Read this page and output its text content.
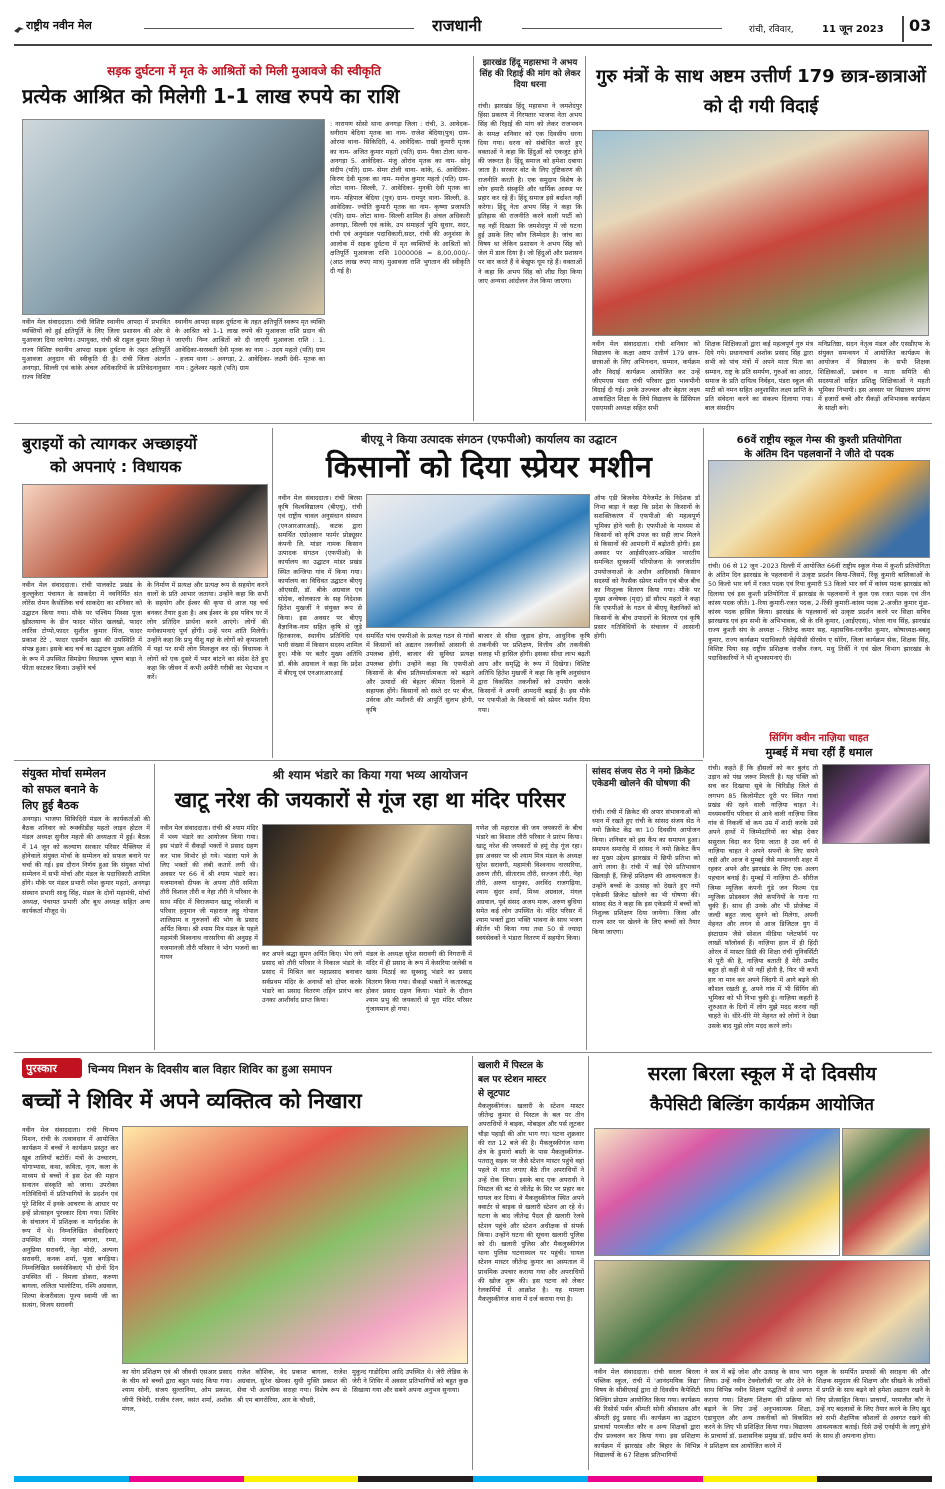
राष्ट्रीय नवीन मेल	राजधानी	रांची, रविवार,	11 जून 2023 03
सड़क दुर्घटना में मृत के आश्रितों को मिली मुआवजे की स्वीकृति
प्रत्येक आश्रित को मिलेगी 1-1 लाख रुपये का राशि
नवीन मेल संवाददाता। रांची विशिष्ट स्थानीय आपदा में प्रभावित व्यक्तियों को हुई क्षतिपूर्ति के लिए जिला प्रशासन की ओर से मुआवजा दिया जायेगा। उपायुक्त, रांची श्री राहुल कुमार सिन्हा ने राज्य विशिष्ट स्थानीय आपदा सड़क दुर्घटना के तहत क्षतिपूर्ति मुआवजा अनुदान की स्वीकृति दी है। रांची जिला अंतर्गत अनगड़ा, सिल्ली एवं कांके अंचल अधिकारियों के प्रतिवेदनानुसार राज्य विशिष्ट
स्थानीय आपदा सड़क दुर्घटना के तहत क्षतिपूर्ति स्वरूप मृत व्यक्ति के आश्रित को 1-1 लाख रुपये की मुआवजा राशि प्रदान की जाएगी। निम्न आश्रितों को दी जाएगी मुआवजा राशि : 1. आवेदिका-सरस्वती देवी मृतक का नाम :- उदय महतो (पति) ग्राम - हजाम थाना :- अनगड़ा, 2. आवेदिका- लक्ष्मी देवी- मृतक का नाम : ठुलेश्वर महतो (पति) ग्राम
: नारायण सोसो थाना अनगड़ा जिला : रांची, 3. आवेदक- धनीराम बेदिया मृतक का नाम- राजेश बेदिया(पुत्र) ग्राम- ओरमा थाना- सिकिदिरी, 4. आवेदिका- राखी कुमारी मृतक का नाम- अजित कुमार महतो (पति) ग्राम- पैका टोला थाना- अनगड़ा 5. आवेदिका- मंजु ओरांव मृतक का नाम- सोनू संदीप (पति) ग्राम- सेमर टोली थाना- कांके, 6. आवेदिका- किरण देवी मृतक का नाम- मनोज कुमार महतो (पति) ग्राम- लोटा थाना- सिल्ली, 7. आवेदिका- मुनकी देवी मृतक का नाम- महिपाल बेदिया (पुत्र) ग्राम- रामपुर थाना- सिल्ली, 8. आवेदिका- ज्योति कुमारी मृतक का नाम- कृष्णा प्रजापति (पति) ग्राम- लोटा थाना- सिल्ली शामिल हैं। अंचल अधिकारी अनगड़ा, सिल्ली एवं कांके, उप समाहर्ता भूमि सुधार, सदर, रांची एवं अनुमंडल पदाधिकारी,सदर, रांची की अनुशंसा के आलोक में सड़क दुर्घटना में मृत व्यक्तियों के आश्रितों को क्षतिपूर्ति मुआवजा राशि 1000008 = 8,00,000/- (आठ लाख रुपए मात्र) मुआवजा राशि भुगतान की स्वीकृति दी गई है।
झारखंड हिंदू महासभा ने अभय सिंह की रिहाई की मांग को लेकर दिया धरना
रांची। झारखंड हिंदू महासभा ने जमशेदपुर हिंसा प्रकरण में गिरफ्तार भाजपा नेता अभय सिंह की रिहाई की मांग को लेकर राजभवन के समक्ष शनिवार को एक दिवसीय धरना दिया गया। धरना को संबोधित करते हुए वक्ताओं ने कहा कि हिंदुओं को एकजुट होने की जरूरत है। हिंदू समाज को हमेशा दबाया जाता है। सरकार वोट के लिए तुष्टिकरण की राजनीति करती है। एक समुदाय विशेष के लोग हमारी संस्कृति और धार्मिक आस्था पर प्रहार कर रहे हैं। हिंदू समाज इसे बर्दाश्त नहीं करेगा। हिंदू नेता अभय सिंह ने कहा कि इतिहास की राजनीति करने वाली पार्टी को यह नहीं दिखता कि जमशेदपुर में जो घटना हुई उसके लिए कौन जिम्मेदार है। जांच का विषय था लेकिन प्रशासन ने अभय सिंह को जेल में डाल दिया है। जो हिंदुओं और प्रशासन पर वार करते हैं वे बेखुफ घूम रहे हैं। वक्ताओं ने कहा कि अभय सिंह को शीघ्र रिहा किया जाए अन्यथा आंदोलन तेज किया जाएगा।
गुरु मंत्रों के साथ अष्टम उत्तीर्ण 179 छात्र-छात्राओं को दी गयी विदाई
नवीन मेल संवाददाता। रांची शनिवार को विद्यालय के कक्षा अष्टम उत्तीर्ण 179 छात्र-छात्राओं के लिए अभिनन्दन, सम्मान, कर्यक्रम और विदाई कार्यक्रम आयोजित कर उन्हें जीएमएस पंडरा रांची परिवार द्वारा भावभीनी विदाई दी गई। उनके उज्ज्वल और बेहतर लक्ष्य आकांक्षित शिक्षा के लिये विद्यालय के प्रिंसिपल एसएमसी अध्यक्ष सहित सभी
शिक्षक शिक्षिकाओं द्वारा कई महत्वपूर्ण गुरु मंत्र दिये गये। प्रधानाचार्य अशोक प्रसाद सिंह द्वारा सभी को पांच मंत्रों में अपने माता पिता का सम्मान, राष्ट्र के प्रति समर्पण, गुरुओं का आदर, समाज के प्रति दायित्व निर्वहन, पंडरा स्कूल की माटी को नमन सहित अनुशासित लक्ष्य प्राप्ति के प्रति संवेदना करने का संकल्प दिलाया गया। बाल संसदीय
मनिप्रतिष्ठा, सदन नेतृत्व मंडल और एसडीएफ के संयुक्त समन्वयन में आयोजित कार्यक्रम के आयोजन में विद्यालय के सभी शिक्षक शिक्षिकाओं, प्रबंधन व माता समिति की सदस्याओं सहित प्रशिक्षु शिक्षिकाओं ने महती भूमिका निभायी। इस अवसर पर विद्यालय प्रांगण में हजारों बच्चे और सैकड़ों अभिभावक कार्यक्रम के साक्षी बने।
बुराइयों को त्यागकर अच्छाइयों
को अपनाएं : विधायक
नवीन मेल संवाददाता। रांची पालकोट प्रखंड के कुल्लुकेरा पंचायत के साकदेरा में नवनिर्मित संत लोरेंस रोमन कैथोलिक चर्च साकदेरा का शनिवार को उद्घाटन किया गया। मौके पर पश्चिम मिस्सा पूजा ख्रीस्तयाग्य के डीन फादर मोरेश खलखो, फादर लारिंस टोप्पो,फादर सुशील कुमार मिंज, फादर प्रकाश टेटे , फादर एडमोंन खड़ा की उपस्थिति में संपन्न हुआ। इसके बाद चर्च का उद्घाटन मुख्य अतिथि के रूप में उपस्थित सिमडेगा विधायक भूषण बाड़ा ने फीता काटकर किया। उन्होंने चर्च
के निर्माण में प्रत्यक्ष और प्रत्यक्ष रूप से सहयोग करने वालों के प्रति आभार जताया। उन्होंने कहा कि सभी के सहयोग और ईश्वर की कृपा से आज यह चर्च बनकर तैयार हुआ है। अब ईश्वर के इस पवित्र घर में लोग प्रतिदिन प्रार्थना करने आएंगे। लोगों की मनोकामनाएं पूर्ण होंगी। उन्हें परम शांति मिलेगी। उन्होंने कहा कि प्रभु यीशु यहां के लोगों को कृपाशाली में यहां पर सभी लोग मिलजुल कर रहें। विधायक ने लोगों को एक दूसरे में प्यार बांटने का संदेश देते हुए कहा कि जीवन में कभी अमीरी गरीबी का भेदभाव न करें।
बीएयू ने किया उत्पादक संगठन (एफपीओ) कार्यालय का उद्घाटन
किसानों को दिया स्प्रेयर मशीन
नवीन मेल संवाददाता। रांची बिरसा कृषि विश्वविद्यालय (बीएयू), रांची एवं राष्ट्रीय चावल अनुसंधान संस्थान (एनआरआरआई), कटक द्वारा समर्थित एग्रोअवान फार्मर प्रोड्यूसर कंपनी लि. मांडर नामक किसान उत्पादक संगठन (एफपीओ) के कार्यालय का उद्घाटन मांडर प्रखंड स्थित कन्जिया गांव में किया गया। कार्यालय का विधिवत उद्घाटन बीएयू ऑएसडी, डॉ. बीके अग्रवाल एवं सोदेक, कोलकाता के सह निदेशक हितेश मुखर्जी ने संयुक्त रूप से किया। इस अवसर पर बीएयू वैज्ञानिक-नाम सहित कृषि से जुड़े हितकारक, स्थानीय प्रतिनिधि एवं भारी संख्या में किसान सदस्य शामिल हुए। मौके पर बतौर मुख्य अतिथि डॉ. बीके अग्रवाल ने कहा कि प्रदेश में बीएयू एवं एनआरआरआई
समर्थित पांच एफपीओ के प्रत्यक्ष गठन से गांवों में किसानों को अद्यतन तकनीकों आसानी से उपलब्ध होंगी, बाजार की सुविधा प्रत्यक्ष उपलब्ध होगी। उन्होंने कहा कि एफपीओ किसानों के बीच प्रतिस्पर्धात्मकता को बढ़ाने और उत्पादों की बेहतर कीमत दिलाने में सहायक होंगे। किसानों को सस्ते दर पर बीज, उर्वरक और मशीनरी की आपूर्ति सुलभ होगी, कृषि
बाजार से सीधा जुड़ाव होगा, आधुनिक कृषि तकनीकी पर प्रशिक्षण, वित्तीय और तकनीकी सलाह भी हासिल होगी। इसका सीधा लाभ बढ़ती आय और समृद्धि के रूप में दिखेगा। विशिष्ट अतिथि हितेश मुखर्जी ने कहा कि कृषि अनुसंधान द्वारा विकसित तकनीकों को उपयोग करके किसानों ने अपनी आमदनी बढ़ाई है। इस मौके पर एफपीओ के किसानों को स्प्रेयर मशीन दिया गया।
ऑफ एडी बिजनेस मैनेजमेंट के निदेशक डॉ निभा बाड़ा ने कहा कि प्रदेश के किसानों के सशक्तिकरण में एफपीओ की महत्वपूर्ण भूमिका होने चली है। एफपीओ के माध्यम से किसानों को कृषि उपज का सही लाभ मिलने से किसानों की आमदनी में बढ़ोतरी होगी। इस अवसर पर आईसीएआर-अखिल भारतीय समन्वित सूत्रकर्मी परियोजना के जनजातीय उपयोजनाओं के अधीन आदिवासी किसान सदस्यों को नैपसैक स्प्रेयर मशीन एवं बीज बीच का निःशुल्क वितरण किया गया। मौके पर मुख्य अन्वेषक (मृदा) डॉ सौरभ महतो ने कहा कि एफपीओ के गठन से बीएयू वैज्ञानिकों को किसानों के बीच उपादनों के वितरण एवं कृषि प्रसार गतिविधियों के संचालन में आसानी होगी।
66वें राष्ट्रीय स्कूल गेम्स की कुश्ती प्रतियोगिता
के अंतिम दिन पहलवानों ने जीते दो पदक
रांची। 06 से 12 जून -2023 दिल्ली में आयोजित 66वीं राष्ट्रीय स्कूल गेम्स में कुश्ती प्रतियोगिता के अंतिम दिन झारखंड के पहलवानों ने उत्कृष्ट प्रदर्शन किया-जिसमें, रिंकू कुमारी बालिकाओं के 50 किलो भार वर्ग में रजत पदक एवं रिया कुमारी 53 किलो भार वर्ग में कांस्य पदक झारखंड को दिलाया एवं इस कुश्ती प्रतियोगिता में झारखंड के पहलवानों ने कुल एक रजत पदक एवं तीन कांस्य पदक जीते। 1-रिया कुमारी-रजत पदक, 2-रिंकी कुमारी-कांस्य पदक 2-अजीत कुमार मुंडा-कांस्य पदक हासिल किया। झारखंड के पहलवानों को उत्कृष्ट प्रदर्शन करने पर सिक्षा सचिव झारखण्ड एवं हम सभी के अभिभावक, श्री के रवि कुमार, (आईएएस), भोला नाथ सिंह, झारखंड राज्य कुश्ती संघ के अध्यक्ष - जितेन्द्र कमार सह, महासचिव-रजनीश कुमार, कोषाध्यक्ष-बबलू कुमार, राज्य कार्यक्रम पदाधिकारी जेईपीसी धीरसेन ए सोरेंग, जिला कार्यक्रम सेक, शिक्षक सिंह, विशिष्ट पिया सह राष्ट्रीय प्रशिक्षक राजीव रंजन, मधु तिर्की ने एवं खेल विभाग झारखंड के पदाधिकारियों ने भी शुभकामनाएं दी।
सिंगिंग क्वीन नाज़िया चाहत
संयुक्त मोर्चा सम्मेलन
को सफल बनाने के
लिए हुई बैठक
अनगड़ा। भाजपा सिकिदिरी मंडल के कार्यकर्ताओं की बैठक शनिवार को रूक्कीडीह महतो लाइन होटल में मंडल अध्यक्ष सुनील महतो की अध्यक्षता में हुई। बैठक में 14 जून को कल्याण सरकार परिसर मैक्लियर में होनेवाले संयुक्त मोर्चा के सम्मेलन को सफल बनाने पर चर्चा की गई। इस दौरान निर्णय हुआ कि संयुक्त मोर्चा सम्मेलन में सभी मोर्चा और मंडल के पदाधिकारी शामिल होंगे। मौके पर मंडल प्रभारी रमेश कुमार महतो, अनगढ़ा संस्थान प्रभारी साधु सिंह, मंडल के दोनों महामंत्री, मोर्चा अध्यक्ष, पंचायत प्रभारी और बूथ अध्यक्ष सहित अन्य कार्यकर्ता मौजूद थे।
श्री श्याम भंडारे का किया गया भव्य आयोजन
खाटू नरेश की जयकारों से गूंज रहा था मंदिर परिसर
नवीन मेल संवाददाता। रांची श्री श्याम मंदिर में भव्य भंडारे का आयोजन किया गया। इस भंडारे में सैकड़ों भक्तों ने प्रसाद ग्रहण कर भाव विभोर हो गये। भंडारा पाने के लिए भक्तों की लंबी कतारें लगी थी। अवसर पर 66 वें श्री श्याम भंडारे का। यजमानको दीपक के अपना तौरी समिता तौरी विशाल तौरी व नेहा तौरी ने परिवार के साथ मंदिर में विराजमान खाटू नरेशजी व परिवार हनुमान जी महाराज लड्डू गोपाल शालिग्राम व गुरुजनों की भोग के प्रसाद अर्पित किया। श्री श्याम मित्र मंडल के पहले महामंत्री विश्वनाथ नारसरिया की अनुग्रह में यजमानजी तौरी परिवार ने भोग भजनों का गायन	कर अपने श्रद्धा सुमन अर्पित किए। भेग लगे प्रसाद को तौरी परिवार ने निकाल भंडारे के प्रसाद में मिश्रित कर महाप्रसाद बनाकर सर्वप्रथम मंदिर के अनाथों को दोपर करके भंडारे का प्रसाद वितरण तहिन प्रारंभ कर उनका आशीर्वाद प्राप्त किया।
मंडल के अध्यक्ष सुरेश सरावगी की निगरानी में मंदिर में ही प्रसाद के रूप में केसरिया जलेबी व खास मिठाई का सुस्वादु भंडारे का प्रसाद वितरण किया गया। सैकड़ों भक्तों ने कतारबद्ध होकर प्रसाद ग्रहण किया। भंडारे के दौरान श्याम प्रभु की जयकारों से पूरा मंदिर परिसर गूंजायमान हो गया।
गणेश जी महाराज की जय जयकारों के बीच भंडारे का विशाल तौरी परिवार ने प्रारंभ किया। खाटू नरेश की जयकारों से हमूं रोड़ गूंज रहा। इस अवसर पर श्री श्याम मित्र मंडल के अध्यक्ष सुरेश सरावगी, महामंत्री विश्वनाथ नारसरिया, अरुण तौरी, सीताराम तौरी, सज्जन तौरी, नेहा तौरी, अरुण धानुका, अरविंद राजगढ़िया, श्याम सुंदर शर्मा, मिथ्य अग्रवाल, मंगल अग्रवाल, पूर्व संसद अजय मारू, अरुण बुधिया समेत कई लोग उपस्थित थे। मंदिर परिसर में श्याम भक्तों द्वारा भक्ति भावना के साथ भजन कीर्तन भी किया गया तथा 50 से ज्यादा स्वयंसेवकों ने भंडारा वितरण में सहयोग किया।
सांसद संजय सेठ ने नमो क्रिकेट एकेडमी खोलने की घोषणा की
रांची। रांची में क्रिकेट की अपार संभावनाओं को ध्यान में रखते हुए रांची के सांसद संजय सेठ ने नमो क्रिकेट केंद्र का 10 दिवसीय आयोजन किया। शनिवार को इस कैंप का समापन हुआ। समापन समारोह में सांसद ने नमो क्रिकेट कैंप का मुख्य उद्देश्य झारखंड में छिपी प्रतिभा को आगे लाना है। रांची में कई ऐसे प्रतिभावान खिलाड़ी हैं, जिन्हें प्रशिक्षण की आवश्यकता है। उन्होंने बच्चों के उत्साह को देखते हुए नमो एकेडमी क्रिकेट खोलने का भी घोषणा की। सांसद सेठ ने कहा कि इस एकेडमी में बच्चों को निशुल्क प्रशिक्षण दिया जायेगा। जिला और राज्य स्तर पर खेलने के लिए बच्चों को तैयार किया जाएगा।
मुम्बई में मचा रहीं हैं धमाल
रांची। कहते हैं कि हौसलों को कर बुलंद तो उड़ान को पंख जरूर मिलती है। यह पंक्ति को सच कर दिखाया सूबे के चिरिडीह जिले से लगभग 85 किलोमीटर दूरी पर स्थित गावां प्रखंड की रहने वाली नाज़िया चाहत ने। मध्यमवर्गीय परिवार से आने वाली नाज़िया जिस गांव से निकलीं वो कम उम्र में शादी करके उसे अपने हाथों में जिम्मेदारियों का बोझ देकर ससुराल विदा कर दिया जाता है उस वर्ग से नाज़िया चाहत ने अपने सपनों के लिए सपने लड़ी और आज वे मुम्बई जैसे मायानगरी शहर में रहकर अपने और झारखंड के लिए एक अलग पहचान बनाई है। मुम्बई में नाज़िया टी- सीरीज जिम्स म्यूजिक कंपनी गुंडे जन फिल्म एंड म्यूजिक प्रोडक्शन जैसे कंपनियों के गाना गा चुकी हैं। साथ ही उनके और भी प्रोजेक्ट में जल्दी बहुत जल्द सुनने को मिलेगा, अपनी मेहनत और लगन से आज डिजिटल युग में इंस्टाग्राम जैसे सोशल मीडिया प्लेटफॉर्म पर लाखों फॉलोवर्स हैं। नाज़िया हाल में ही हिंदी ओरल में मास्टर डिग्री की शिक्षा रांची यूनिवर्सिटी से पूरी की है, नाज़िया बताती हैं मेरी उम्मीद बहुत हो कहीं से भी नहीं होती है, फिर भी कभी हार ना मान कर अपने जिंदगी में आगे बढ़ने की कौशल रखती हूं, अपने गांव में भी सिंगिंग की भूमिका को भी निभा चुकी हूं। नाज़िया कहती है शुरुआत के दिनों में लोग मुझे मदद करना नहीं चाहते थे। धीरे-धीरे मेरे मेहनत को लोगों ने देखा उसके बाद मुझे लोग मदद करने लगे।
पुरस्कार	चिन्मय मिशन के दिवसीय बाल विहार शिविर का हुआ समापन
बच्चों ने शिविर में अपने व्यक्तित्व को निखारा
नवीन मेल संवाददाता। रांची चिन्मय मिशन, रांची के तत्वावधान में आयोजित कार्यक्रम में बच्चों ने कार्यक्रम प्रस्तुत कर खूब तालियाँ बटोरीं। मंत्रों के उच्चारण, योगाभ्यास, कथा, कविता, नृत्य, कला के माध्यम से बच्चों ने इस देश की महान सनातन संस्कृति को जाना। उपरोक्त गतिविधियों में प्रतिभागियों के प्रदर्शन एवं पूरे शिविर में इनके आचरण के आधार पर इन्हें प्रोत्साहन पुरस्कार दिया गया। शिविर के संचालन में प्रशिक्षक व मार्गदर्शक के रूप में थे। निम्नलिखित सेवादिकाएं उपस्थित थीं। मंगला बागला, रम्या, अनुप्रिया सरावगी, नेहा मोदी, अल्पना सरावगी, कनक शर्मा, पूजा बगड़िया। निम्नलिखित स्वयंसेविकाएं भी दोनों दिन उपस्थित थीं - विमला डोकरा, करुणा बागला, ललिता भालोटिया, रश्मि अग्रवाल, शिल्पा केजरीवाल। पूज्य स्वामी जी का सत्संग, विजय सरावगी
का योग प्रशिक्षण एवं श्री जीवधी एसआर प्रसाद के चीम को बच्चों द्वारा बहुत पसंद किया गया। श्याम सोनी, संजय सुल्तानिया, ओम प्रकाश, जीपी त्रिवेदी, राजीव रंजन, वसंत शर्मा, अशोक मंगल,
राजेश कौशिक, वेद प्रकाश बागला, राजेश अग्रवाल, सुरेश खेमका सुधी मुक्ति प्रकाश की सेवा भी अत्यधिक सराहा गया। विशेष रूप से श्री एम बागरोरिया, आर के चौधरी,
मुकुन्द गाडोदिया आदि उपस्थित थे। जेरी लेडिस के जेरी ने शिविर में अवसर प्रतिभागियों को बहुत कुछ सिखाया गया और सबने अपना अनुभव सुनाया।
खलारी में पिस्टल के
बल पर स्टेशन मास्टर
से लूटपाट
मैकलुस्कीगंज। खलारी के स्टेशन मास्टर जीतेन्द्र कुमार से पिस्टल के बल पर तीन अपराधियों ने बाइक, मोबाइल और पर्स लूटकर चौड़ा पहाड़ी की ओर भाग गए। घटना शुक्रवार की रात 12 बजे की है। मैकलुस्कीगंज थाना क्षेत्र के डुमारो बस्ती के पास मैकलुस्कीगंज-पतरातू सड़क पर जैसे स्टेशन मास्टर पहुंचे वहां पहले से घात लगाए बैठे तीन अपराधियों ने उन्हें रोक लिया। इसके बाद एक अपराधी ने पिस्टल की बट से जीतेंद्र के सिर पर प्रहार कर घायल कर दिया। वे मैकलुस्कीगंज स्थित अपने क्वार्टर से बाइक से खलारी स्टेशन आ रहे थे। घटना के बाद जीतेन्द्र पैदल ही खलारी रेलवे स्टेशन पहुंचे और स्टेशन अधीक्षक से संपर्क किया। उन्होंने घटना की सूचना खलारी पुलिस को दी। खलारी पुलिस और मैकलुस्कीगंज थाना पुलिस घटनास्थल पर पहुंची। घायल स्टेशन मास्टर जीतेन्द्र कुमार का अस्पताल में प्राथमिक उपचार कराया गया और अपराधियों की खोज शुरू की। इस घटना को लेकर रेलकर्मियों में आक्रोश है। यह मामला मैकलुस्कीगंज थाना में दर्ज कराया गया है।
सरला बिरला स्कूल में दो दिवसीय
कैपेसिटी बिल्डिंग कार्यक्रम आयोजित
नवीन मेल संवाददाता। रांची सरला बिरला पब्लिक स्कूल, रांची में 'आनंदमयिक विद्या' विषय के सीबीएसई द्वारा दो दिवसीय कैपेसिटी बिल्डिंग प्रोग्राम आयोजित किया गया। कार्यक्रम की रिसोर्स पर्सन श्रीमती सोनी श्रीवास्तव और श्रीमती इंदु प्रसाद थीं। कार्यक्रम का उद्घाटन प्राचार्या परमजीत कौर व अन्य शिक्षकों द्वारा दीप प्रज्वलन कर किया गया। इस प्रशिक्षण कार्यक्रम में झारखंड और बिहार के विभिन्न विद्यालयों के 67 शिक्षक प्रतिभागियों
ने सत्र में बढ़ें जोश और उत्साह के साथ भाग लिया। उन्हें नवीन टेक्नोलॉजी पर और देने के साथ विभिन्न नवीन शिक्षण पद्धतियों से अवगत कराया गया। शिक्षण शिक्षण की प्रक्रिया को बढ़ाने के लिए उन्हें अनुभवात्मक शिक्षा, एंडायुएल और अन्य तकनीकों को विकसित करने के लिए भी प्रशिक्षित किया गया। विद्यालय के प्राचार्या डॉ. प्रशासनिक प्रमुख डॉ. प्रदीप वर्मा ने प्रशिक्षण सत्र आयोजित करने में
स्कूल के समर्पित प्रयासों की सराहना की और शिक्षक समुदाय की शिक्षण और सीखने के तरीकों में प्रगति के साथ बढ़ने को हमेशा अद्यतन रखने के लिए प्रोत्साहित किया। प्राचार्या, परमजीत कौर ने उन्हें नए बदलावों के लिए तैयार करने के लिए खुद को सभी शैक्षणिक कौशलों से अवगत रखने की आवश्यकता बताई। दिसे उन्हें एनईपी के लागू होने के साथ ही अपनाना होगा।
